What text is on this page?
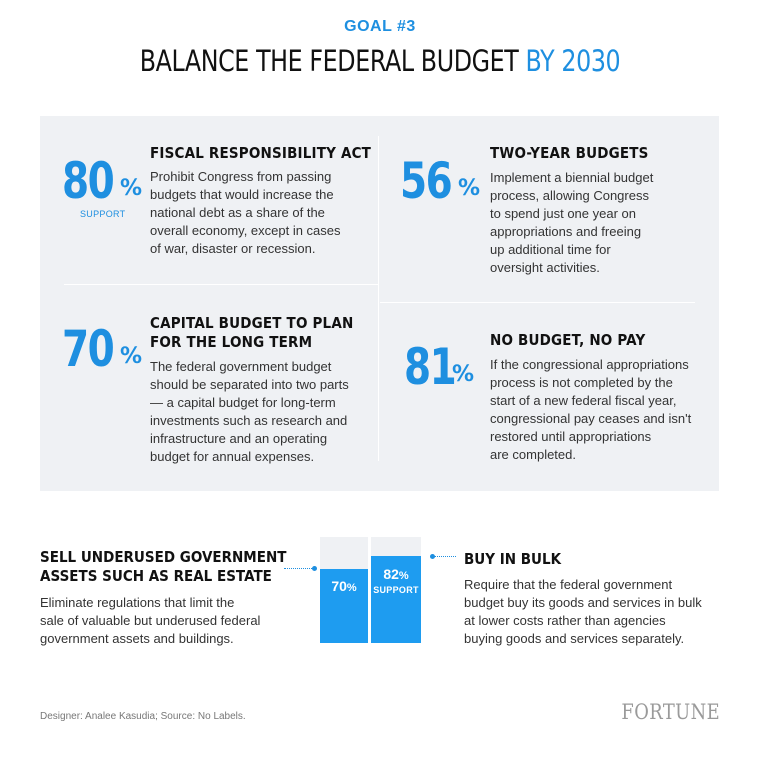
GOAL #3
BALANCE THE FEDERAL BUDGET BY 2030
80 %
SUPPORT
FISCAL RESPONSIBILITY ACT
Prohibit Congress from passing
budgets that would increase the
national debt as a share of the
overall economy, except in cases
of war, disaster or recession.
56 %
TWO-YEAR BUDGETS
Implement a biennial budget
process, allowing Congress
to spend just one year on
appropriations and freeing
up additional time for
oversight activities.
70 %
CAPITAL BUDGET TO PLAN
FOR THE LONG TERM
The federal government budget
should be separated into two parts
— a capital budget for long-term
investments such as research and
infrastructure and an operating
budget for annual expenses.
81
%
NO BUDGET, NO PAY
If the congressional appropriations
process is not completed by the
start of a new federal fiscal year,
congressional pay ceases and isn't
restored until appropriations
are completed.
SELL UNDERUSED GOVERNMENT
ASSETS SUCH AS REAL ESTATE
Eliminate regulations that limit the
sale of valuable but underused federal
government assets and buildings.
70%
82%
SUPPORT
BUY IN BULK
Require that the federal government
budget buy its goods and services in bulk
at lower costs rather than agencies
buying goods and services separately.
Designer: Analee Kasudia; Source: No Labels.	FORTUNE
